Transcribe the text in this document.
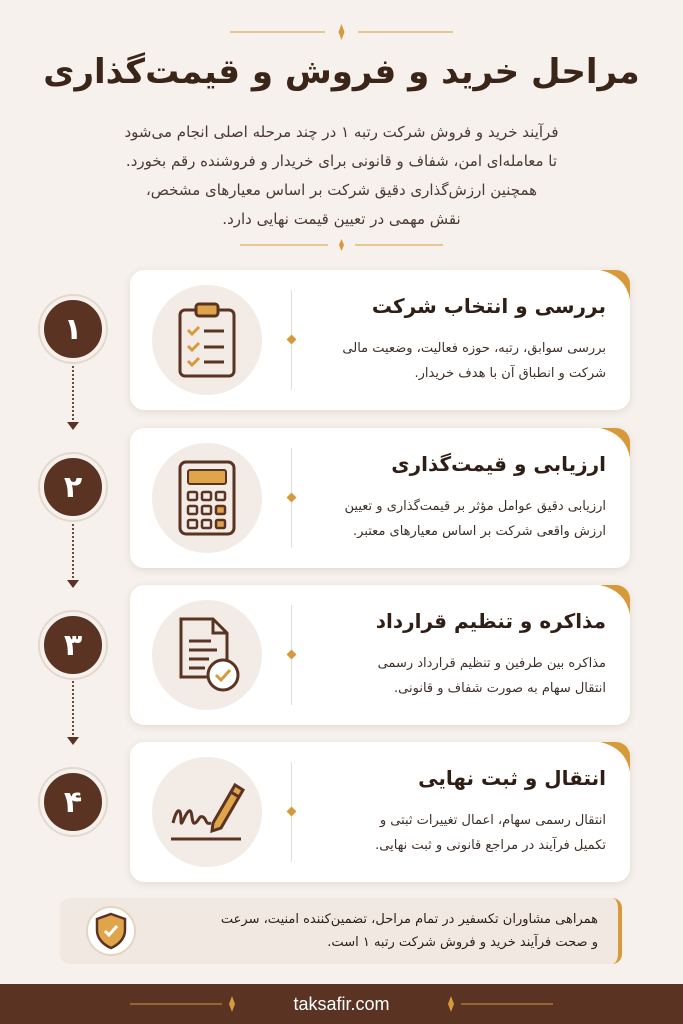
مراحل خرید و فروش و قیمت‌گذاری
فرآیند خرید و فروش شرکت رتبه ۱ در چند مرحله اصلی انجام می‌شود
تا معامله‌ای امن، شفاف و قانونی برای خریدار و فروشنده رقم بخورد.
همچنین ارزش‌گذاری دقیق شرکت بر اساس معیارهای مشخص،
نقش مهمی در تعیین قیمت نهایی دارد.
۱
بررسی و انتخاب شرکت
بررسی سوابق، رتبه، حوزه فعالیت، وضعیت مالی
شرکت و انطباق آن با هدف خریدار.
۲
ارزیابی و قیمت‌گذاری
ارزیابی دقیق عوامل مؤثر بر قیمت‌گذاری و تعیین
ارزش واقعی شرکت بر اساس معیارهای معتبر.
۳
مذاکره و تنظیم قرارداد
مذاکره بین طرفین و تنظیم قرارداد رسمی
انتقال سهام به صورت شفاف و قانونی.
۴
انتقال و ثبت نهایی
انتقال رسمی سهام، اعمال تغییرات ثبتی و
تکمیل فرآیند در مراجع قانونی و ثبت نهایی.
همراهی مشاوران تکسفیر در تمام مراحل، تضمین‌کننده امنیت، سرعت
و صحت فرآیند خرید و فروش شرکت رتبه ۱ است.
taksafir.com
